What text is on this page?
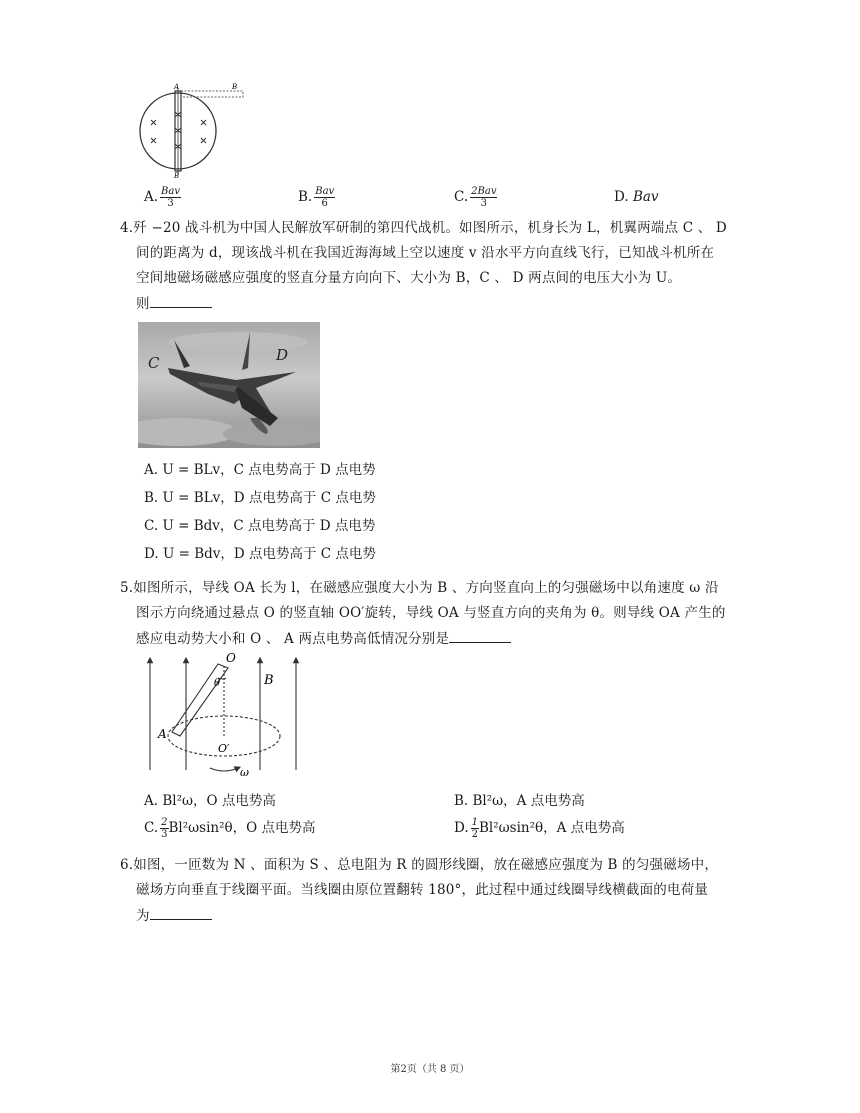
A	B
B
A. $\frac{\text{Bav}}{3}$	B. $\frac{\text{Bav}}{6}$	C. $\frac{\text{2Bav}}{3}$	D. Bav
4.歼 −20 战斗机为中国人民解放军研制的第四代战机。如图所示，机身长为 L，机翼两端点 C 、 D
间的距离为 d，现该战斗机在我国近海海域上空以速度 v 沿水平方向直线飞行，已知战斗机所在
空间地磁场磁感应强度的竖直分量方向向下、大小为 B，C 、 D 两点间的电压大小为 U。
则
C	D
A. U = BLv，C 点电势高于 D 点电势
B. U = BLv，D 点电势高于 C 点电势
C. U = Bdv，C 点电势高于 D 点电势
D. U = Bdv，D 点电势高于 C 点电势
5.如图所示，导线 OA 长为 l，在磁感应强度大小为 B 、方向竖直向上的匀强磁场中以角速度 ω 沿
图示方向绕通过悬点 O 的竖直轴 OO′旋转，导线 OA 与竖直方向的夹角为 θ。则导线 OA 产生的
感应电动势大小和 O 、 A 两点电势高低情况分别是
O
θ	B
A
O′
ω
A. Bl²ω，O 点电势高	B. Bl²ω，A 点电势高
C. $\frac{2}{3} Bl^2\omega\sin^2\theta$，O 点电势高	D. $\frac{1}{2} Bl^2\omega\sin^2\theta$，A 点电势高
6.如图，一匝数为 N 、面积为 S 、总电阻为 R 的圆形线圈，放在磁感应强度为 B 的匀强磁场中，
磁场方向垂直于线圈平面。当线圈由原位置翻转 180°，此过程中通过线圈导线横截面的电荷量
为
第2页（共 8 页）
